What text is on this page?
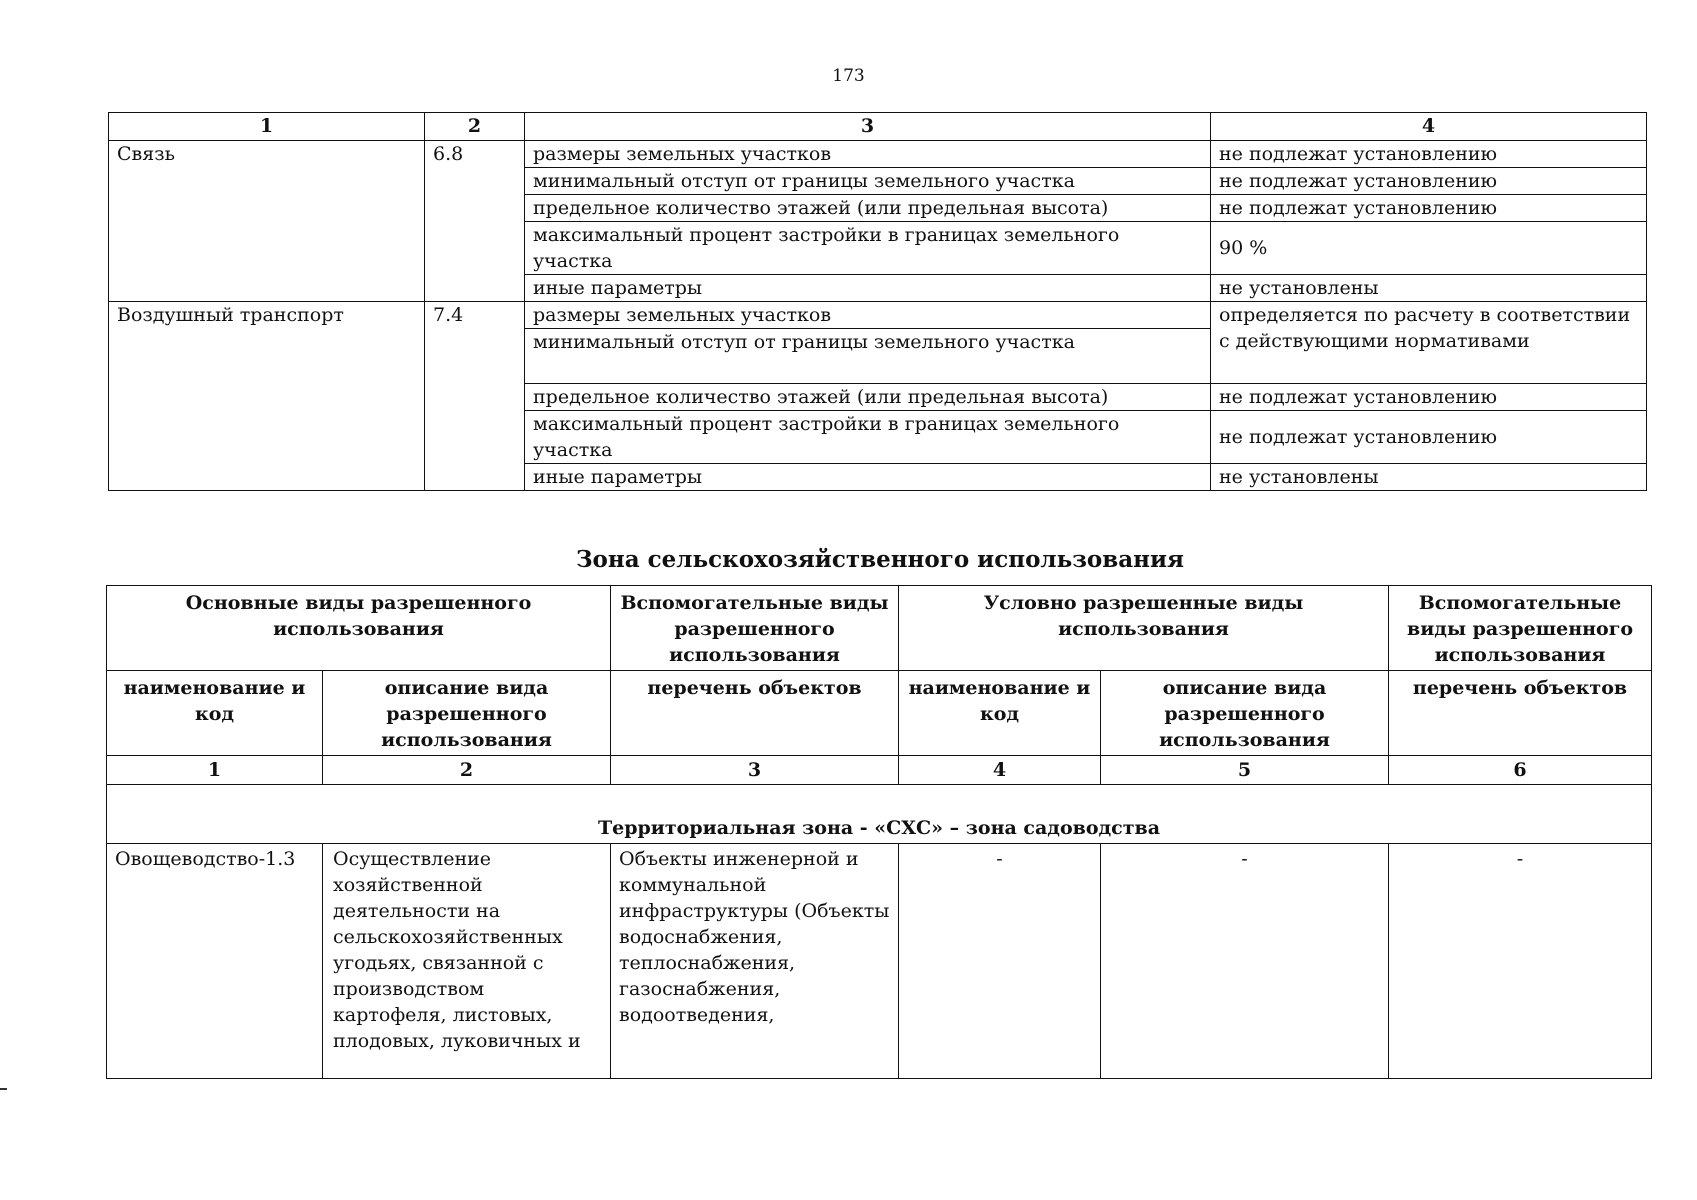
173
1	2	3	4
Связь	6.8	размеры земельных участков	не подлежат установлению
		минимальный отступ от границы земельного участка	не подлежат установлению
		предельное количество этажей (или предельная высота)	не подлежат установлению
		максимальный процент застройки в границах земельного участка	90 %
		иные параметры	не установлены
Воздушный транспорт	7.4	размеры земельных участков	определяется по расчету в соответствии с действующими нормативами
		минимальный отступ от границы земельного участка	
		предельное количество этажей (или предельная высота)	не подлежат установлению
		максимальный процент застройки в границах земельного участка	не подлежат установлению
		иные параметры	не установлены
Зона сельскохозяйственного использования
Основные виды разрешенного использования		Вспомогательные виды разрешенного использования	Условно разрешенные виды использования		Вспомогательные виды разрешенного использования
наименование и код	описание вида разрешенного использования	перечень объектов	наименование и код	описание вида разрешенного использования	перечень объектов
1	2	3	4	5	6
Территориальная зона - «СХС» – зона садоводства					
Овощеводство-1.3	Осуществление хозяйственной деятельности на сельскохозяйственных угодьях, связанной с производством картофеля, листовых, плодовых, луковичных и	Объекты инженерной и коммунальной инфраструктуры (Объекты водоснабжения, теплоснабжения, газоснабжения, водоотведения,	-	-	-
